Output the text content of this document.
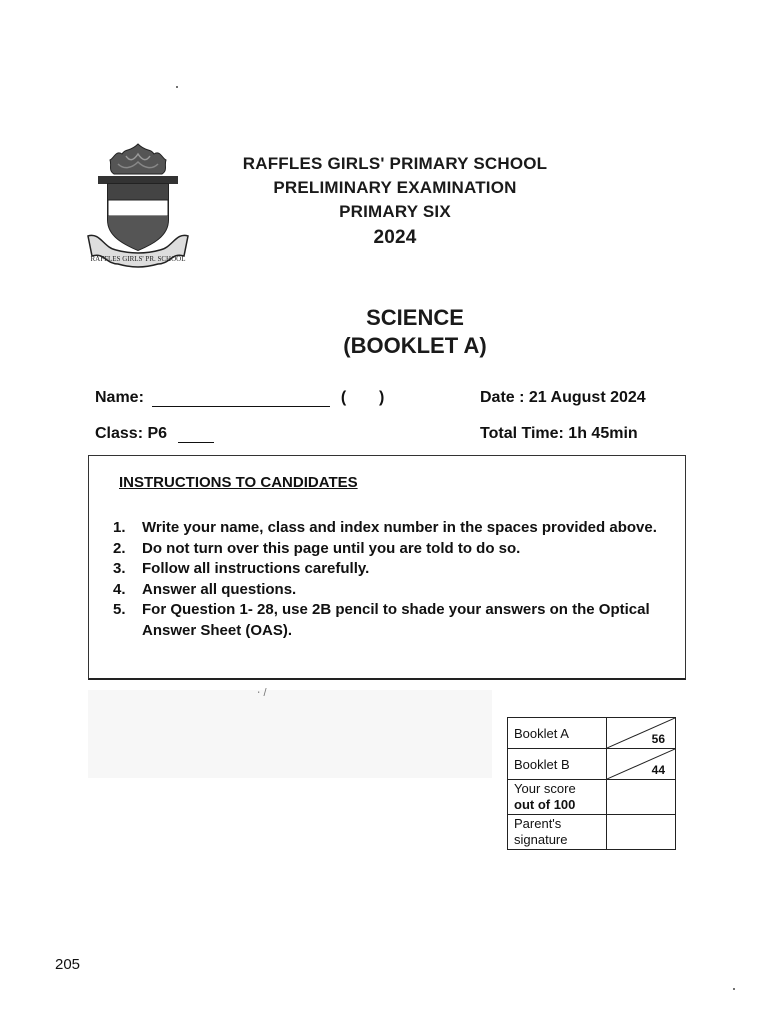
RAFFLES GIRLS' PR. SCHOOL
RAFFLES GIRLS' PRIMARY SCHOOL
PRELIMINARY EXAMINATION
PRIMARY SIX
2024
SCIENCE
(BOOKLET A)
Name:	( )	Date : 21 August 2024
Class: P6	Total Time: 1h 45min
INSTRUCTIONS TO CANDIDATES
1. Write your name, class and index number in the spaces provided above.
2. Do not turn over this page until you are told to do so.
3. Follow all instructions carefully.
4. Answer all questions.
5. For Question 1- 28, use 2B pencil to shade your answers on the Optical Answer Sheet (OAS).
⋅ /
Booklet A	56

Booklet B	44

Your score
out of 100	
Parent's
signature	
205
